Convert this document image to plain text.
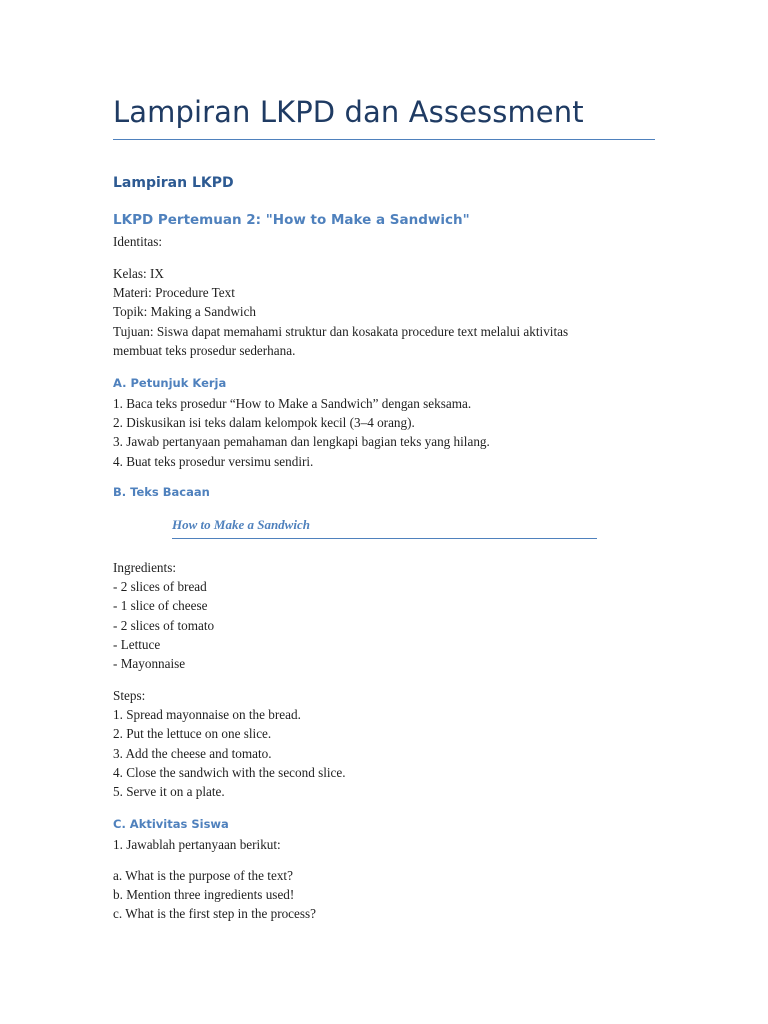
Lampiran LKPD dan Assessment
Lampiran LKPD
LKPD Pertemuan 2: "How to Make a Sandwich"
Identitas:
Kelas: IX
Materi: Procedure Text
Topik: Making a Sandwich
Tujuan: Siswa dapat memahami struktur dan kosakata procedure text melalui aktivitas
membuat teks prosedur sederhana.
A. Petunjuk Kerja
1. Baca teks prosedur “How to Make a Sandwich” dengan seksama.
2. Diskusikan isi teks dalam kelompok kecil (3–4 orang).
3. Jawab pertanyaan pemahaman dan lengkapi bagian teks yang hilang.
4. Buat teks prosedur versimu sendiri.
B. Teks Bacaan
How to Make a Sandwich
Ingredients:
- 2 slices of bread
- 1 slice of cheese
- 2 slices of tomato
- Lettuce
- Mayonnaise
Steps:
1. Spread mayonnaise on the bread.
2. Put the lettuce on one slice.
3. Add the cheese and tomato.
4. Close the sandwich with the second slice.
5. Serve it on a plate.
C. Aktivitas Siswa
1. Jawablah pertanyaan berikut:
a. What is the purpose of the text?
b. Mention three ingredients used!
c. What is the first step in the process?
